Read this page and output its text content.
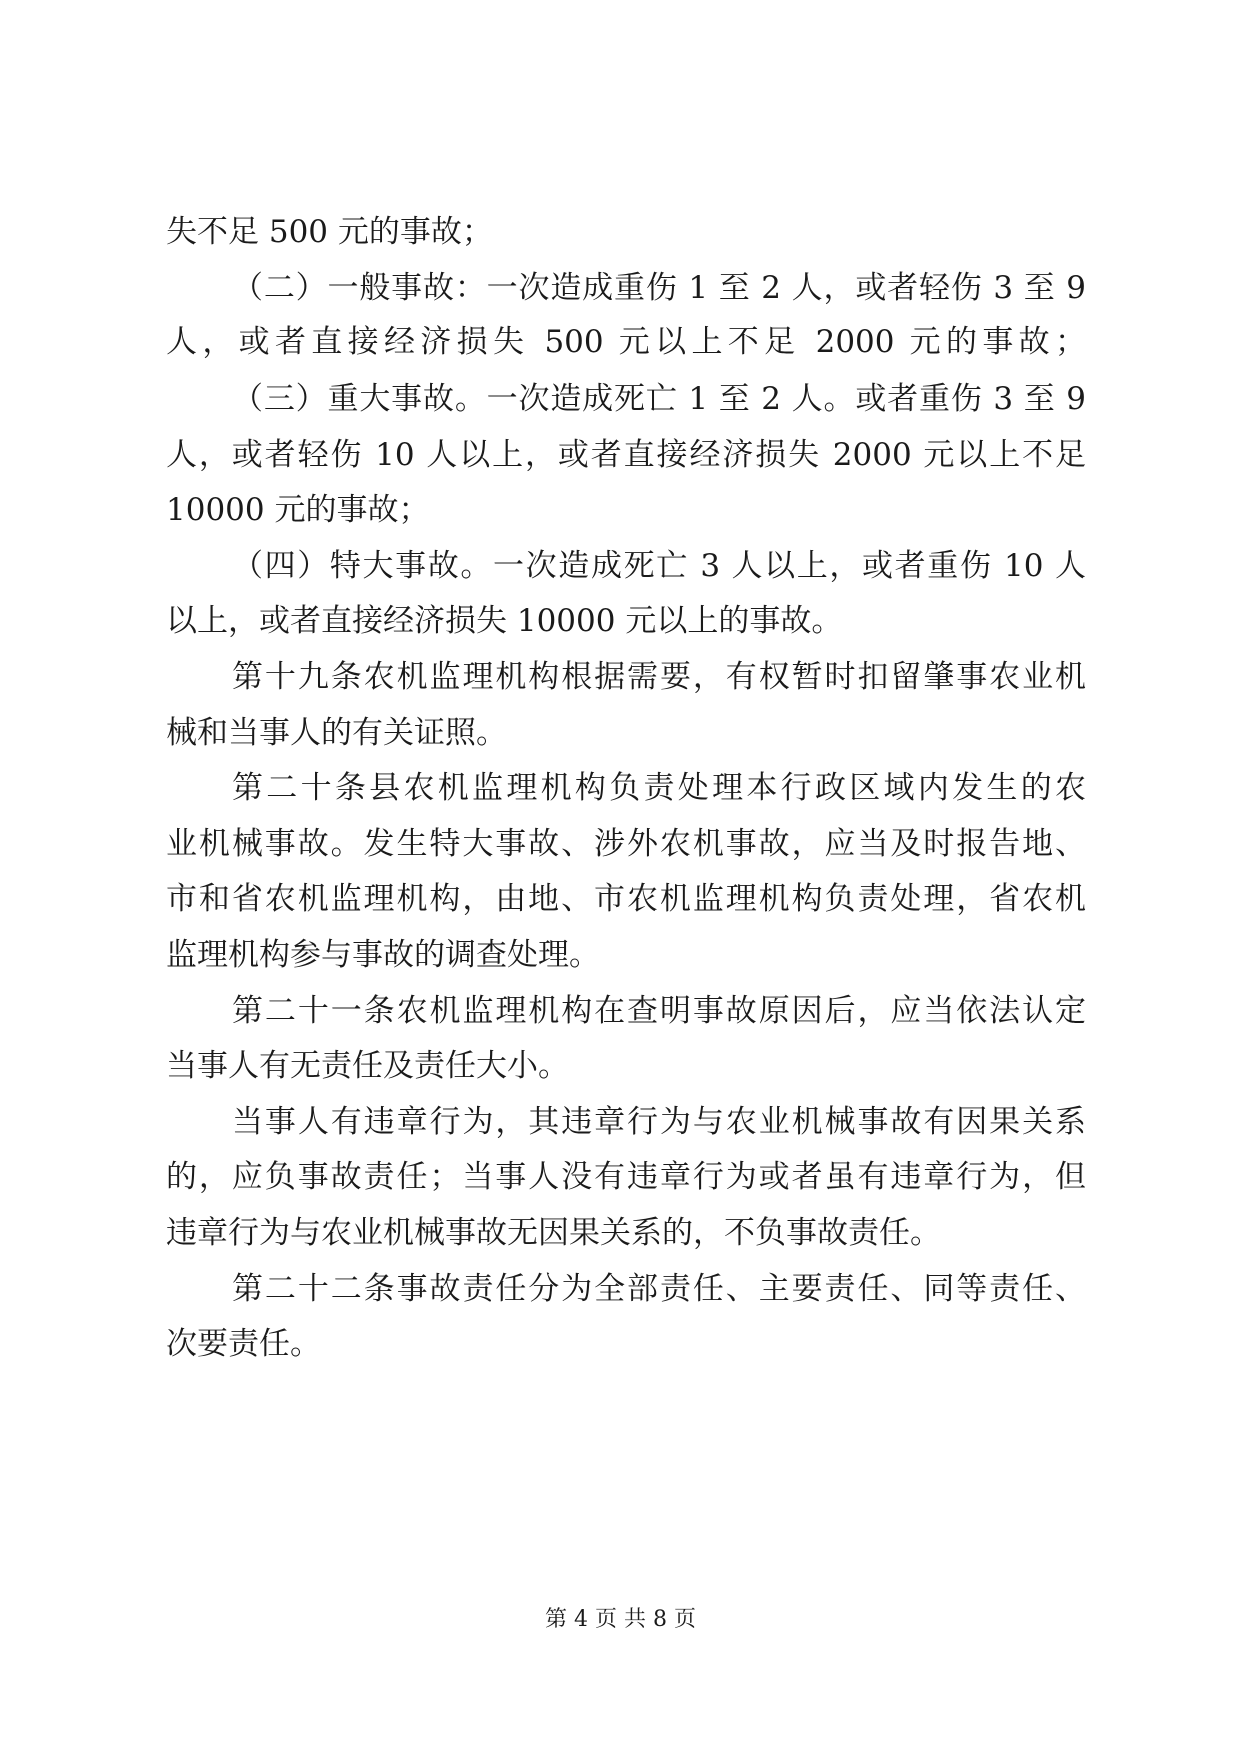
失不足 500 元的事故；
（二）一般事故：一次造成重伤 1 至 2 人，或者轻伤 3 至 9
人，或者直接经济损失 500 元以上不足 2000 元的事故；
（三）重大事故。一次造成死亡 1 至 2 人。或者重伤 3 至 9
人，或者轻伤 10 人以上，或者直接经济损失 2000 元以上不足
10000 元的事故；
（四）特大事故。一次造成死亡 3 人以上，或者重伤 10 人
以上，或者直接经济损失 10000 元以上的事故。
第十九条农机监理机构根据需要，有权暂时扣留肇事农业机
械和当事人的有关证照。
第二十条县农机监理机构负责处理本行政区域内发生的农
业机械事故。发生特大事故、涉外农机事故，应当及时报告地、
市和省农机监理机构，由地、市农机监理机构负责处理，省农机
监理机构参与事故的调查处理。
第二十一条农机监理机构在查明事故原因后，应当依法认定
当事人有无责任及责任大小。
当事人有违章行为，其违章行为与农业机械事故有因果关系
的，应负事故责任；当事人没有违章行为或者虽有违章行为，但
违章行为与农业机械事故无因果关系的，不负事故责任。
第二十二条事故责任分为全部责任、主要责任、同等责任、
次要责任。
第 4 页 共 8 页
